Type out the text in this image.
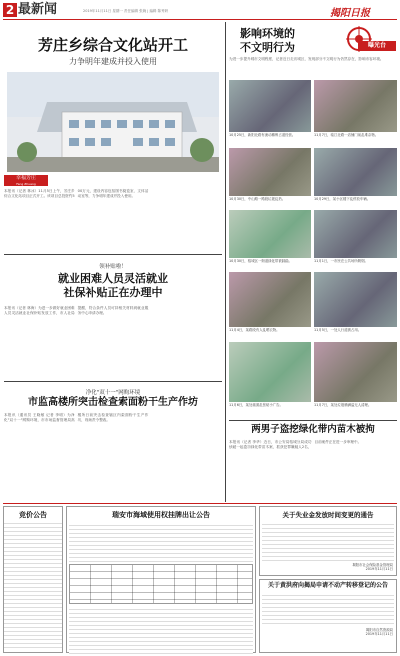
2 最新闻	2019年11月11日 星期一 责任编辑 张婉 | 编辑 陈秀妍	揭阳日报
芳庄乡综合文化站开工
力争明年建成并投入使用
幸福芳庄
Fang Zhuang
本报讯（记者 林冰）11月5日上午，芳庄乡综合文化站项目正式开工。该项目总投资约500万元，建设内容包括图书阅览室、文体活动室等，力争明年建成并投入使用。
领补贴啦！
就业困难人员灵活就业
社保补贴正在办理中
本报讯（记者 林海）为进一步做好就业困难人员灵活就业社保补贴发放工作，市人社局提醒，符合条件人员可持相关材料到就业服务中心申请办理。
净化"双十一"网购环境
市监高楼所突击检查索面粉干生产作坊
本报讯（通讯员 王晓敏 记者 李明）为净化"双十一"网购环境，市市场监督管理局高楼所日前突击检查辖区内索面粉干生产作坊，现场责令整改。
影响环境的
不文明行为	曝光台
为进一步提升城市文明程度，记者近日走访城区，发现部分不文明行为仍然存在，影响市容环境。
10月25日，新阳北路有流动摊贩占道经营。	11月7日，临江北路一店铺门前乱堆杂物。
10月30日，中山路一路段垃圾乱扔。	10月29日，某小区楼下乱停放车辆。
10月30日，榕城区一街道绿化带被踩踏。	11月1日，一市民在公共场所吸烟。
11月4日，某路段有人乱晒衣物。	11月5日，一处人行道被占用。
11月6日，某处墙面乱张贴小广告。	11月7日，某处垃圾桶满溢无人清理。
两男子盗挖绿化带内苗木被拘
本报讯（记者 李华）近日，市公安局榕城分局成功侦破一起盗窃绿化带苗木案，抓获犯罪嫌疑人2名，目前案件正在进一步审理中。
竞价公告	瑞安市海域使用权挂牌出让公告	关于失业金发放时间变更的通告
揭阳市社会保险基金管理局
2019年11月11日
关于黄洪府向揭局申请不动产转移登记的公告
揭阳市自然资源局
2019年11月11日
